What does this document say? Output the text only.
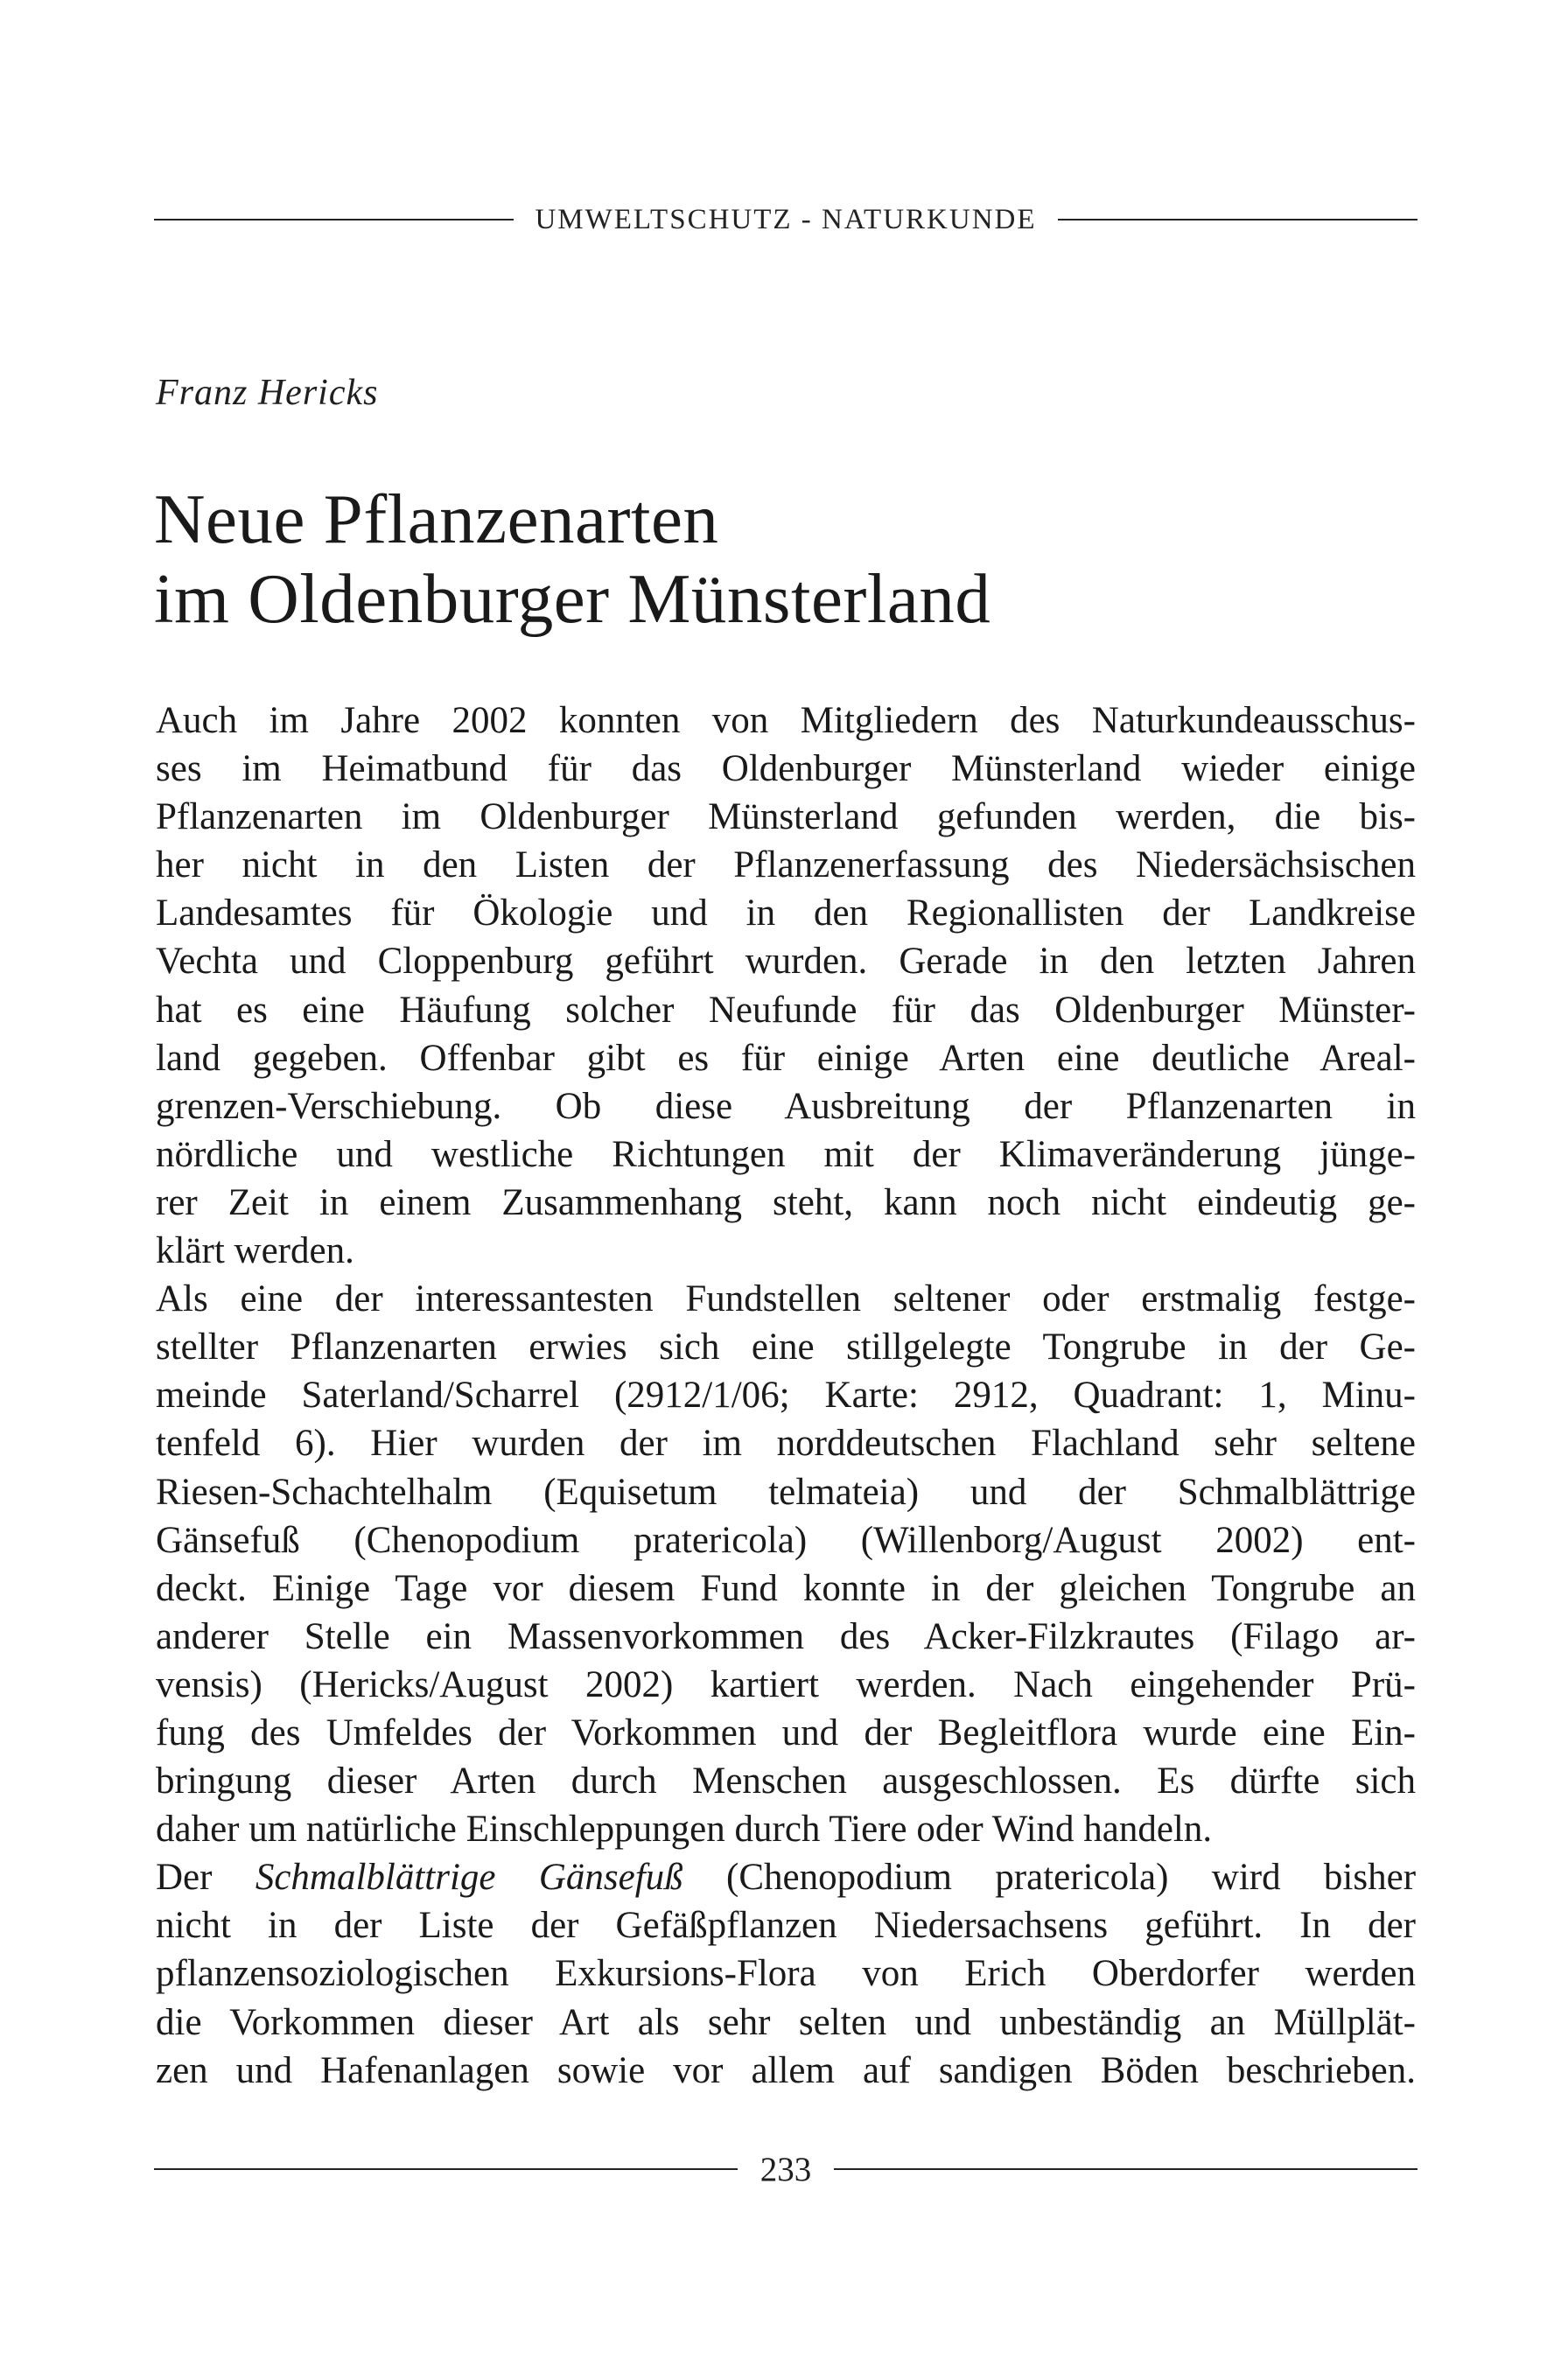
UMWELTSCHUTZ - NATURKUNDE
Franz Hericks
Neue Pflanzenarten
im Oldenburger Münsterland

Auch im Jahre 2002 konnten von Mitgliedern des Naturkundeausschus-

ses im Heimatbund für das Oldenburger Münsterland wieder einige

Pflanzenarten im Oldenburger Münsterland gefunden werden, die bis-

her nicht in den Listen der Pflanzenerfassung des Niedersächsischen

Landesamtes für Ökologie und in den Regionallisten der Landkreise

Vechta und Cloppenburg geführt wurden. Gerade in den letzten Jahren

hat es eine Häufung solcher Neufunde für das Oldenburger Münster-

land gegeben. Offenbar gibt es für einige Arten eine deutliche Areal-

grenzen-Verschiebung. Ob diese Ausbreitung der Pflanzenarten in

nördliche und westliche Richtungen mit der Klimaveränderung jünge-

rer Zeit in einem Zusammenhang steht, kann noch nicht eindeutig ge-

klärt werden.

Als eine der interessantesten Fundstellen seltener oder erstmalig festge-

stellter Pflanzenarten erwies sich eine stillgelegte Tongrube in der Ge-

meinde Saterland/Scharrel (2912/1/06; Karte: 2912, Quadrant: 1, Minu-

tenfeld 6). Hier wurden der im norddeutschen Flachland sehr seltene

Riesen-Schachtelhalm (Equisetum telmateia) und der Schmalblättrige

Gänsefuß (Chenopodium pratericola) (Willenborg/August 2002) ent-

deckt. Einige Tage vor diesem Fund konnte in der gleichen Tongrube an

anderer Stelle ein Massenvorkommen des Acker-Filzkrautes (Filago ar-

vensis) (Hericks/August 2002) kartiert werden. Nach eingehender Prü-

fung des Umfeldes der Vorkommen und der Begleitflora wurde eine Ein-

bringung dieser Arten durch Menschen ausgeschlossen. Es dürfte sich

daher um natürliche Einschleppungen durch Tiere oder Wind handeln.

Der Schmalblättrige Gänsefuß (Chenopodium pratericola) wird bisher

nicht in der Liste der Gefäßpflanzen Niedersachsens geführt. In der

pflanzensoziologischen Exkursions-Flora von Erich Oberdorfer werden

die Vorkommen dieser Art als sehr selten und unbeständig an Müllplät-

zen und Hafenanlagen sowie vor allem auf sandigen Böden beschrieben.

233
